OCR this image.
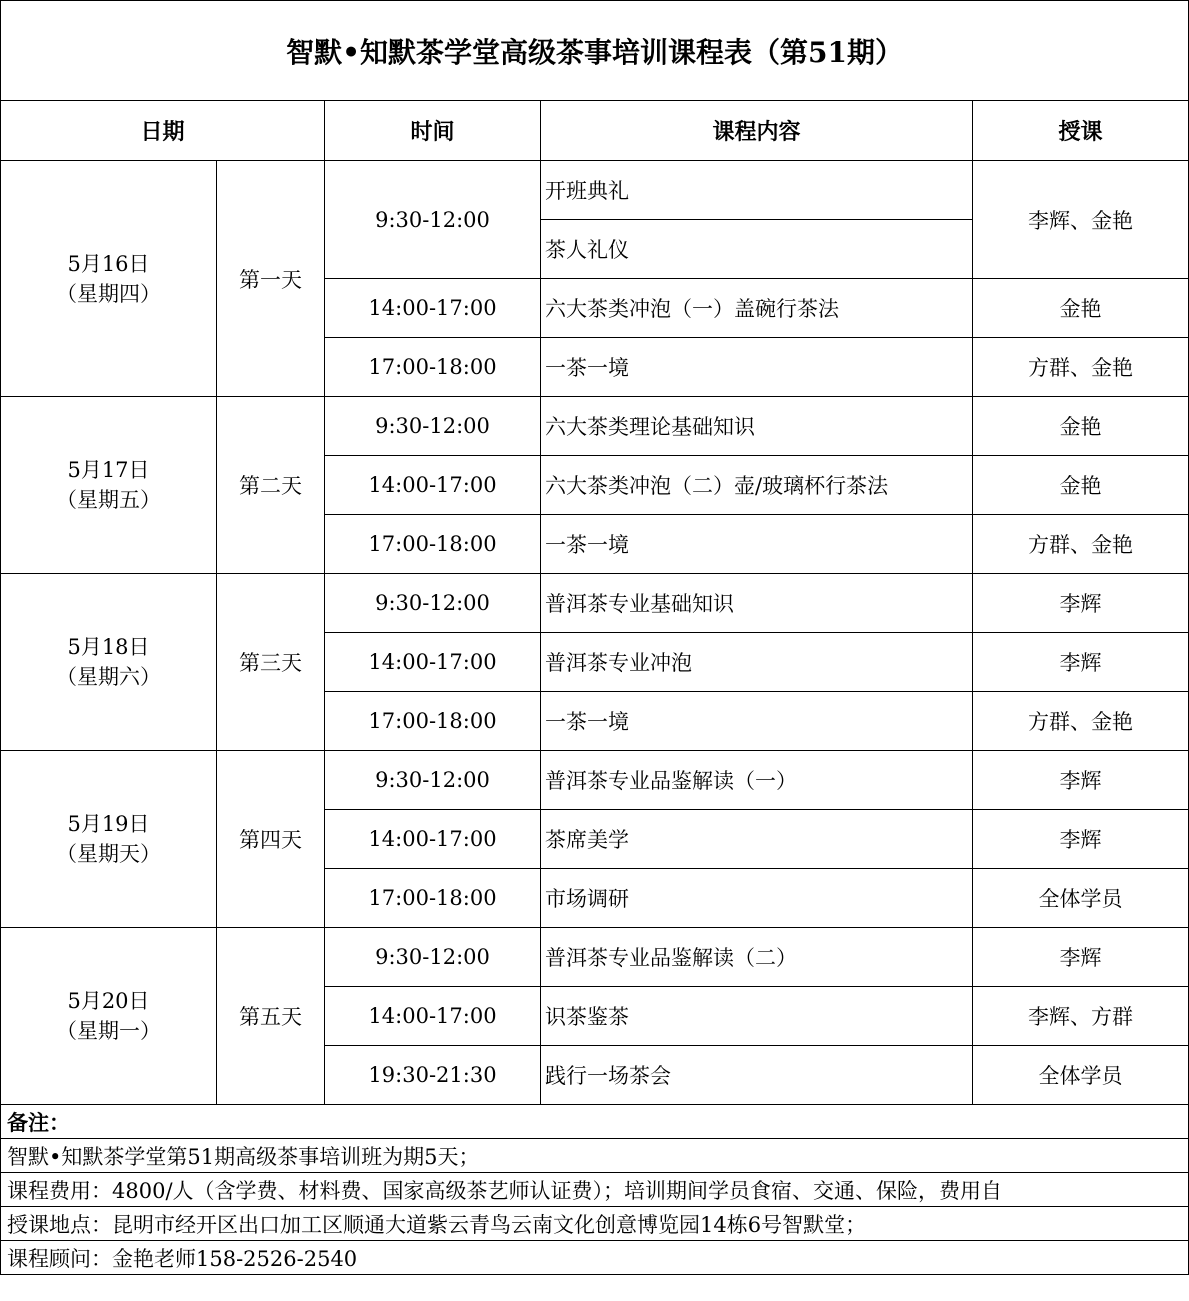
智默•知默茶学堂高级茶事培训课程表（第51期）				
日期		时间	课程内容	授课

5月16日
（星期四）	第一天	9:30-12:00	开班典礼	李辉、金艳
			茶人礼仪	
		14:00-17:00	六大茶类冲泡（一）盖碗行茶法	金艳
		17:00-18:00	一茶一境	方群、金艳

5月17日
（星期五）	第二天	9:30-12:00	六大茶类理论基础知识	金艳
		14:00-17:00	六大茶类冲泡（二）壶/玻璃杯行茶法	金艳
		17:00-18:00	一茶一境	方群、金艳

5月18日
（星期六）	第三天	9:30-12:00	普洱茶专业基础知识	李辉
		14:00-17:00	普洱茶专业冲泡	李辉
		17:00-18:00	一茶一境	方群、金艳

5月19日
（星期天）	第四天	9:30-12:00	普洱茶专业品鉴解读（一）	李辉
		14:00-17:00	茶席美学	李辉
		17:00-18:00	市场调研	全体学员

5月20日
（星期一）	第五天	9:30-12:00	普洱茶专业品鉴解读（二）	李辉
		14:00-17:00	识茶鉴茶	李辉、方群
		19:30-21:30	践行一场茶会	全体学员
备注：				
智默•知默茶学堂第51期高级茶事培训班为期5天；				
课程费用：4800/人（含学费、材料费、国家高级茶艺师认证费）；培训期间学员食宿、交通、保险，费用自				
授课地点：昆明市经开区出口加工区顺通大道紫云青鸟云南文化创意博览园14栋6号智默堂；				
课程顾问：金艳老师158-2526-2540				
